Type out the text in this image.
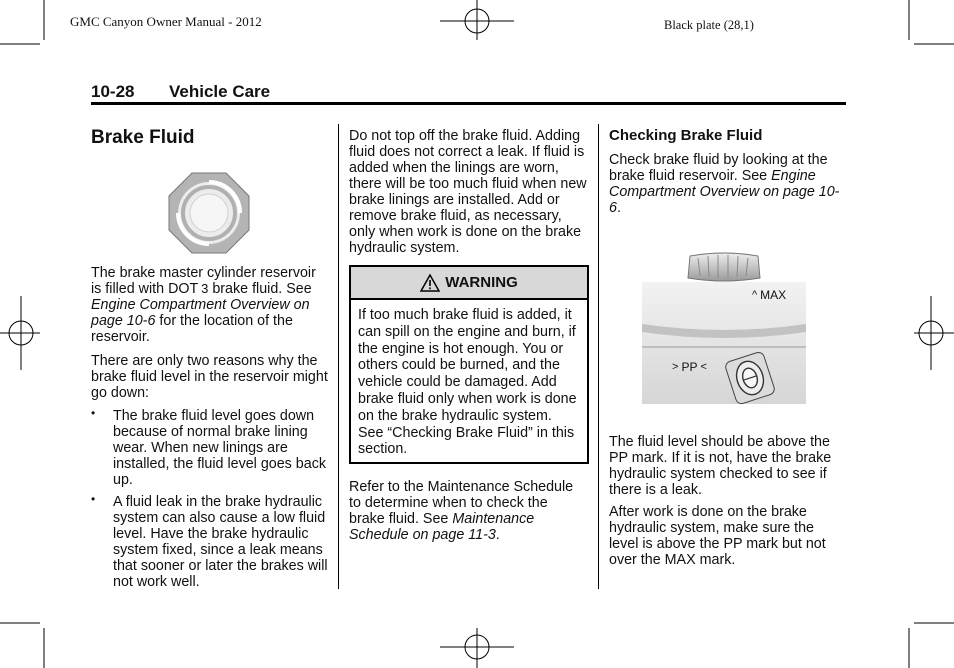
GMC Canyon Owner Manual - 2012	Black plate (28,1)
10-28 Vehicle Care
Brake Fluid
The brake master cylinder reservoir is filled with DOT  3 brake fluid. See Engine Compartment Overview on page 10-6 for the location of the reservoir.
There are only two reasons why the brake fluid level in the reservoir might go down:
• The brake fluid level goes down because of normal brake lining wear. When new linings are installed, the fluid level goes back up.
• A fluid leak in the brake hydraulic system can also cause a low fluid level. Have the brake hydraulic system fixed, since a leak means that sooner or later the brakes will not work well.
Do not top off the brake fluid. Adding fluid does not correct a leak. If fluid is added when the linings are worn, there will be too much fluid when new brake linings are installed. Add or remove brake fluid, as necessary, only when work is done on the brake hydraulic system.
WARNING
If too much brake fluid is added, it can spill on the engine and burn, if the engine is hot enough. You or others could be burned, and the vehicle could be damaged. Add brake fluid only when work is done on the brake hydraulic system. See “Checking Brake Fluid” in this section.
Refer to the Maintenance Schedule to determine when to check the brake fluid. See Maintenance Schedule on page 11-3.
Checking Brake Fluid
Check brake fluid by looking at the brake fluid reservoir. See Engine Compartment Overview on page 10-6.
^ MAX
> PP <
The fluid level should be above the PP mark. If it is not, have the brake hydraulic system checked to see if there is a leak.
After work is done on the brake hydraulic system, make sure the level is above the PP mark but not over the MAX mark.
